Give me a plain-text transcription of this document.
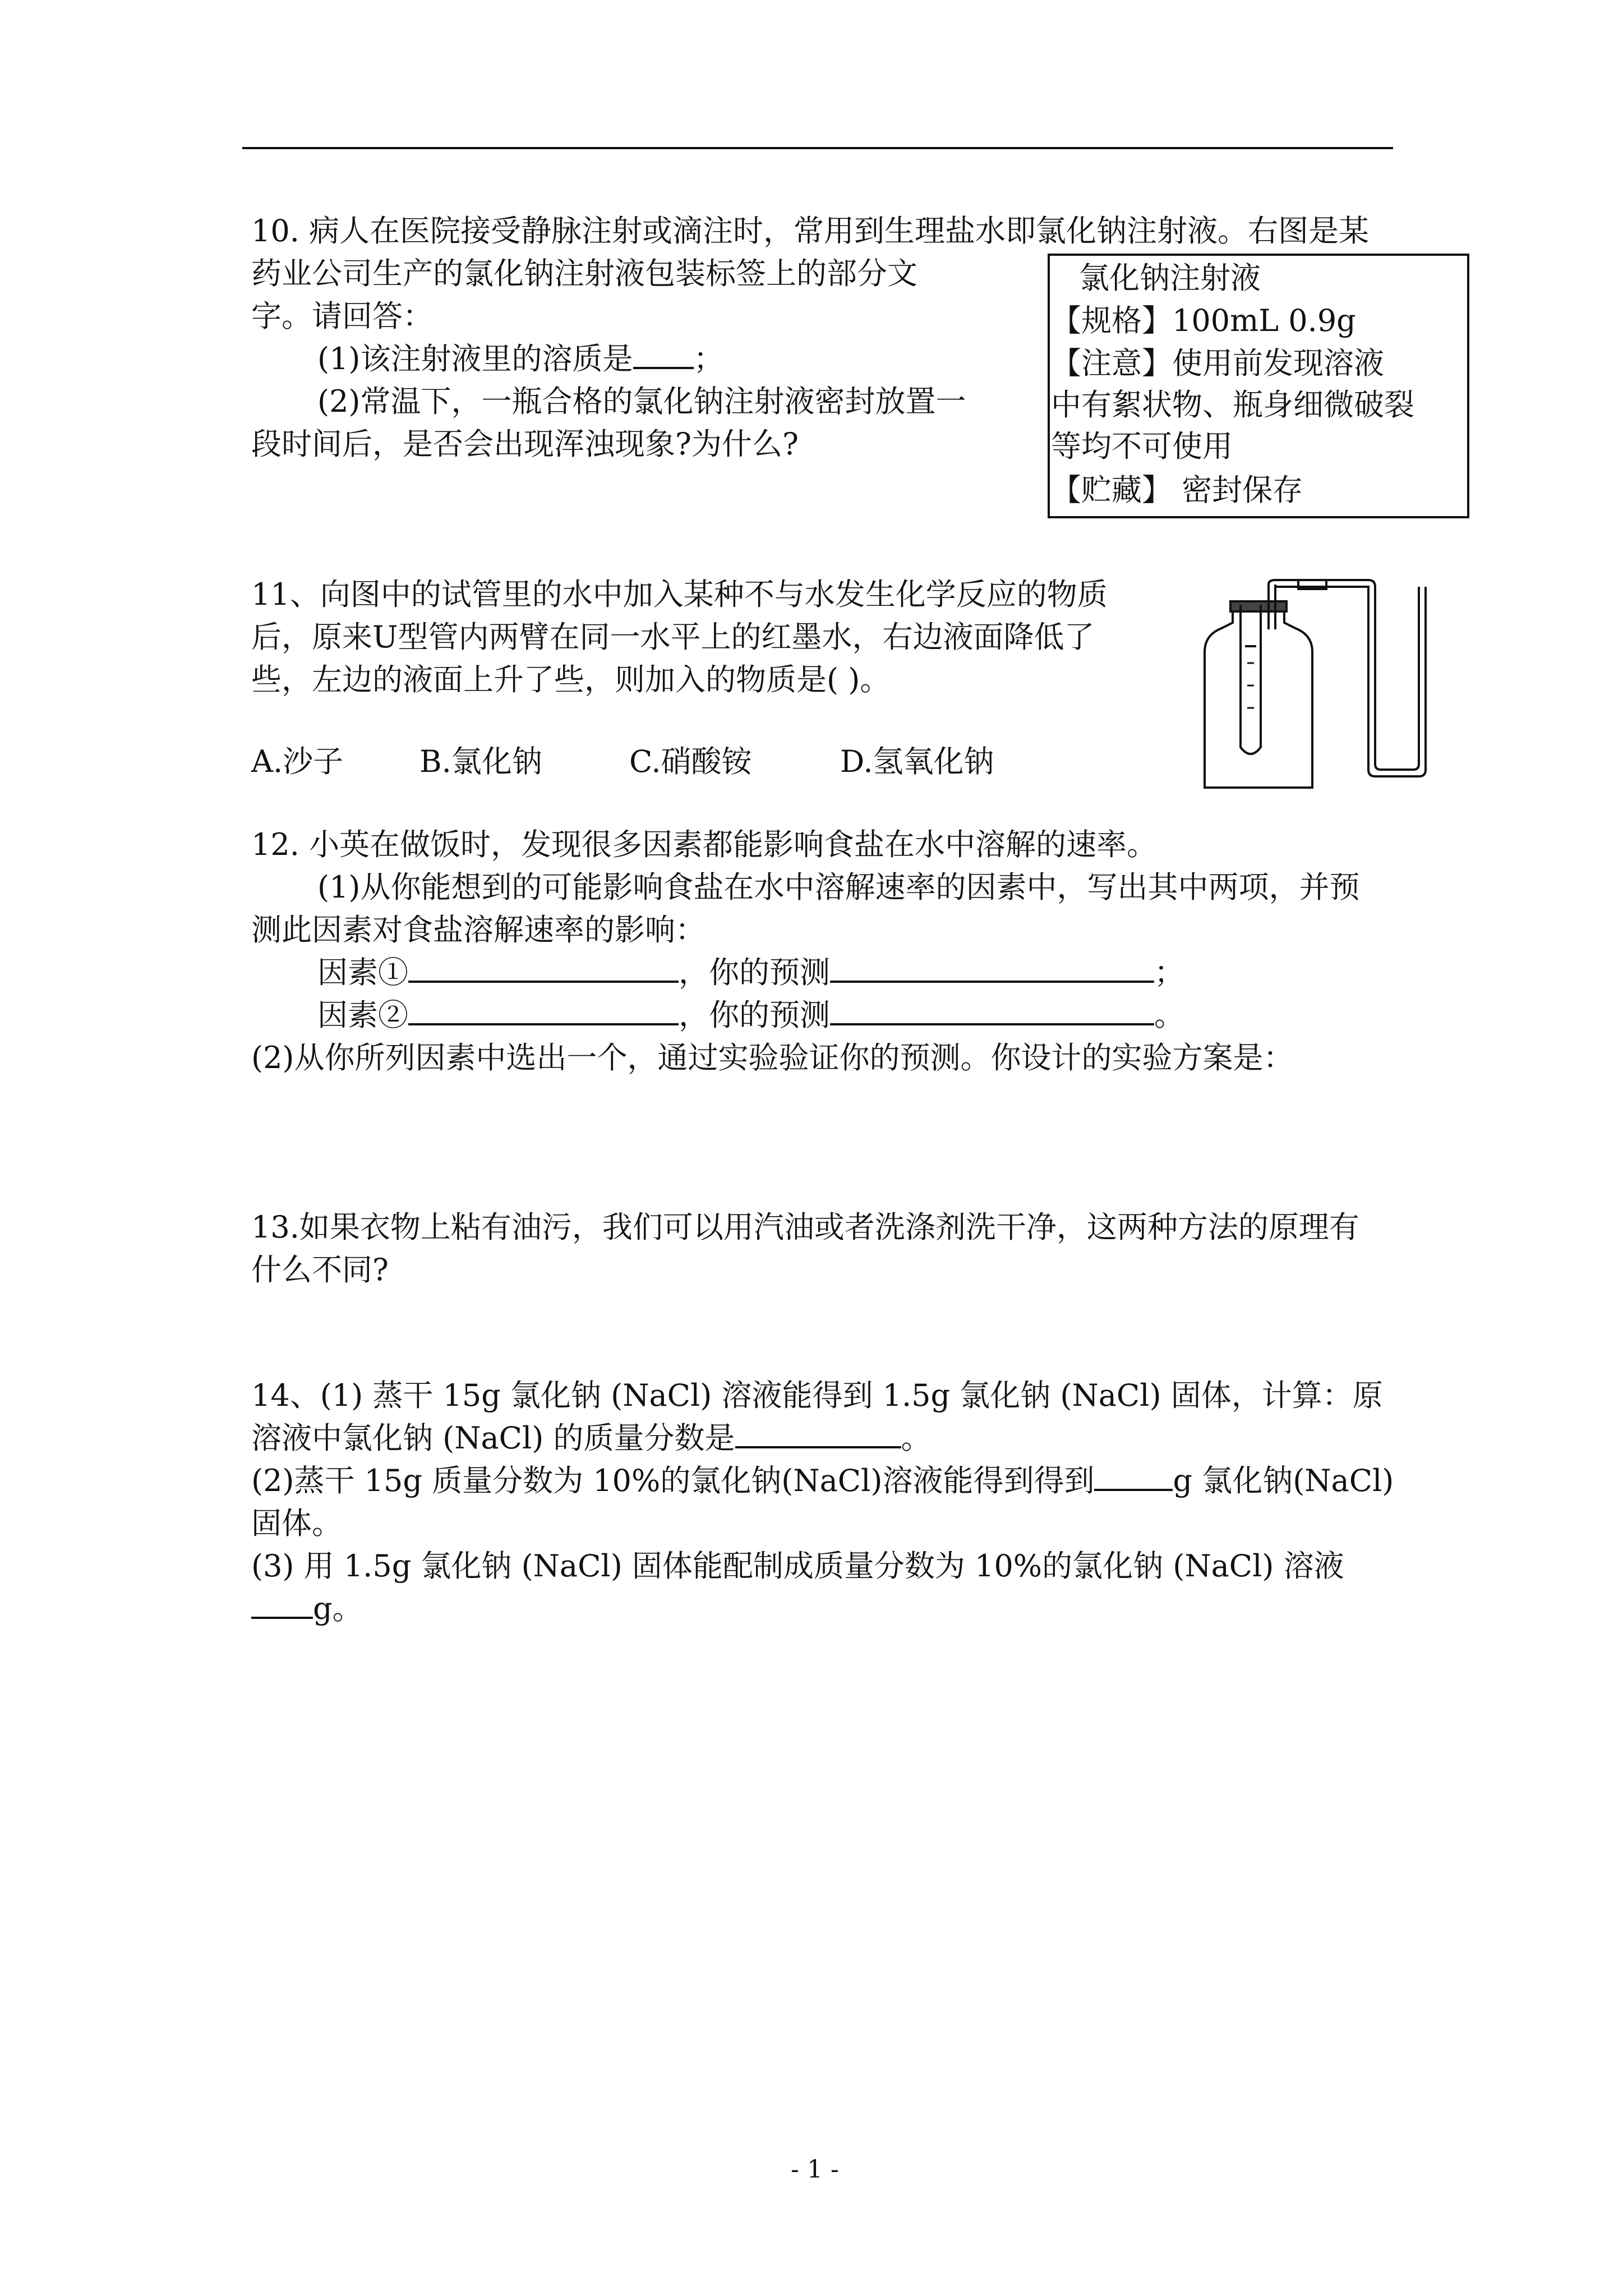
10. 病人在医院接受静脉注射或滴注时，常用到生理盐水即氯化钠注射液。右图是某
药业公司生产的氯化钠注射液包装标签上的部分文
字。请回答：
(1)该注射液里的溶质是 ；
(2)常温下，一瓶合格的氯化钠注射液密封放置一
段时间后，是否会出现浑浊现象?为什么?
氯化钠注射液
【规格】100mL 0.9g
【注意】使用前发现溶液
中有絮状物、瓶身细微破裂
等均不可使用
【贮藏】 密封保存
11、向图中的试管里的水中加入某种不与水发生化学反应的物质
后，原来U型管内两臂在同一水平上的红墨水，右边液面降低了
些，左边的液面上升了些，则加入的物质是( )。
A.沙子	B.氯化钠	C.硝酸铵	D.氢氧化钠
12. 小英在做饭时，发现很多因素都能影响食盐在水中溶解的速率。
(1)从你能想到的可能影响食盐在水中溶解速率的因素中，写出其中两项，并预
测此因素对食盐溶解速率的影响：
因素①	，你的预测	；
因素②	，你的预测	。
(2)从你所列因素中选出一个，通过实验验证你的预测。你设计的实验方案是：
13.如果衣物上粘有油污，我们可以用汽油或者洗涤剂洗干净，这两种方法的原理有
什么不同?
14、(1) 蒸干 15g 氯化钠 (NaCl) 溶液能得到 1.5g 氯化钠 (NaCl) 固体，计算：原
溶液中氯化钠 (NaCl) 的质量分数是	。
(2)蒸干 15g 质量分数为 10%的氯化钠(NaCl)溶液能得到得到	g 氯化钠(NaCl)
固体。
(3) 用 1.5g 氯化钠 (NaCl) 固体能配制成质量分数为 10%的氯化钠 (NaCl) 溶液
g。
- 1 -
